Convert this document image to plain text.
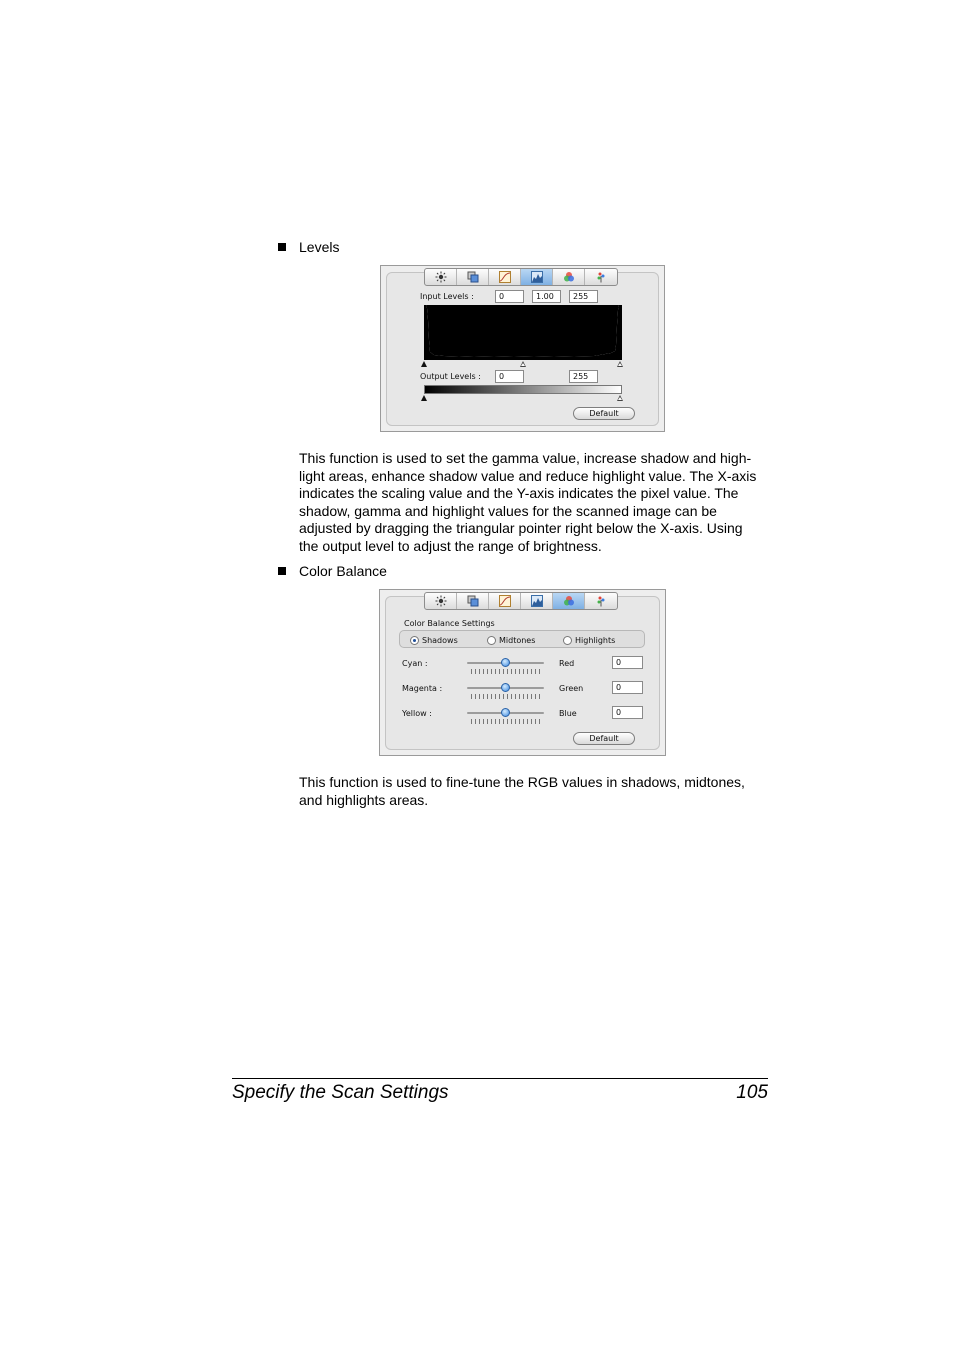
Levels
Input Levels :	0	1.00	255
Output Levels :	0	255
Default
This function is used to set the gamma value, increase shadow and high-
light areas, enhance shadow value and reduce highlight value. The X-axis
indicates the scaling value and the Y-axis indicates the pixel value. The
shadow, gamma and highlight values for the scanned image can be
adjusted by dragging the triangular pointer right below the X-axis. Using
the output level to adjust the range of brightness.
Color Balance
Color Balance Settings
Shadows	Midtones	Highlights
Cyan :	Red	0
Magenta :	Green	0
Yellow :	Blue	0
Default
This function is used to fine-tune the RGB values in shadows, midtones,
and highlights areas.
Specify the Scan Settings	105
